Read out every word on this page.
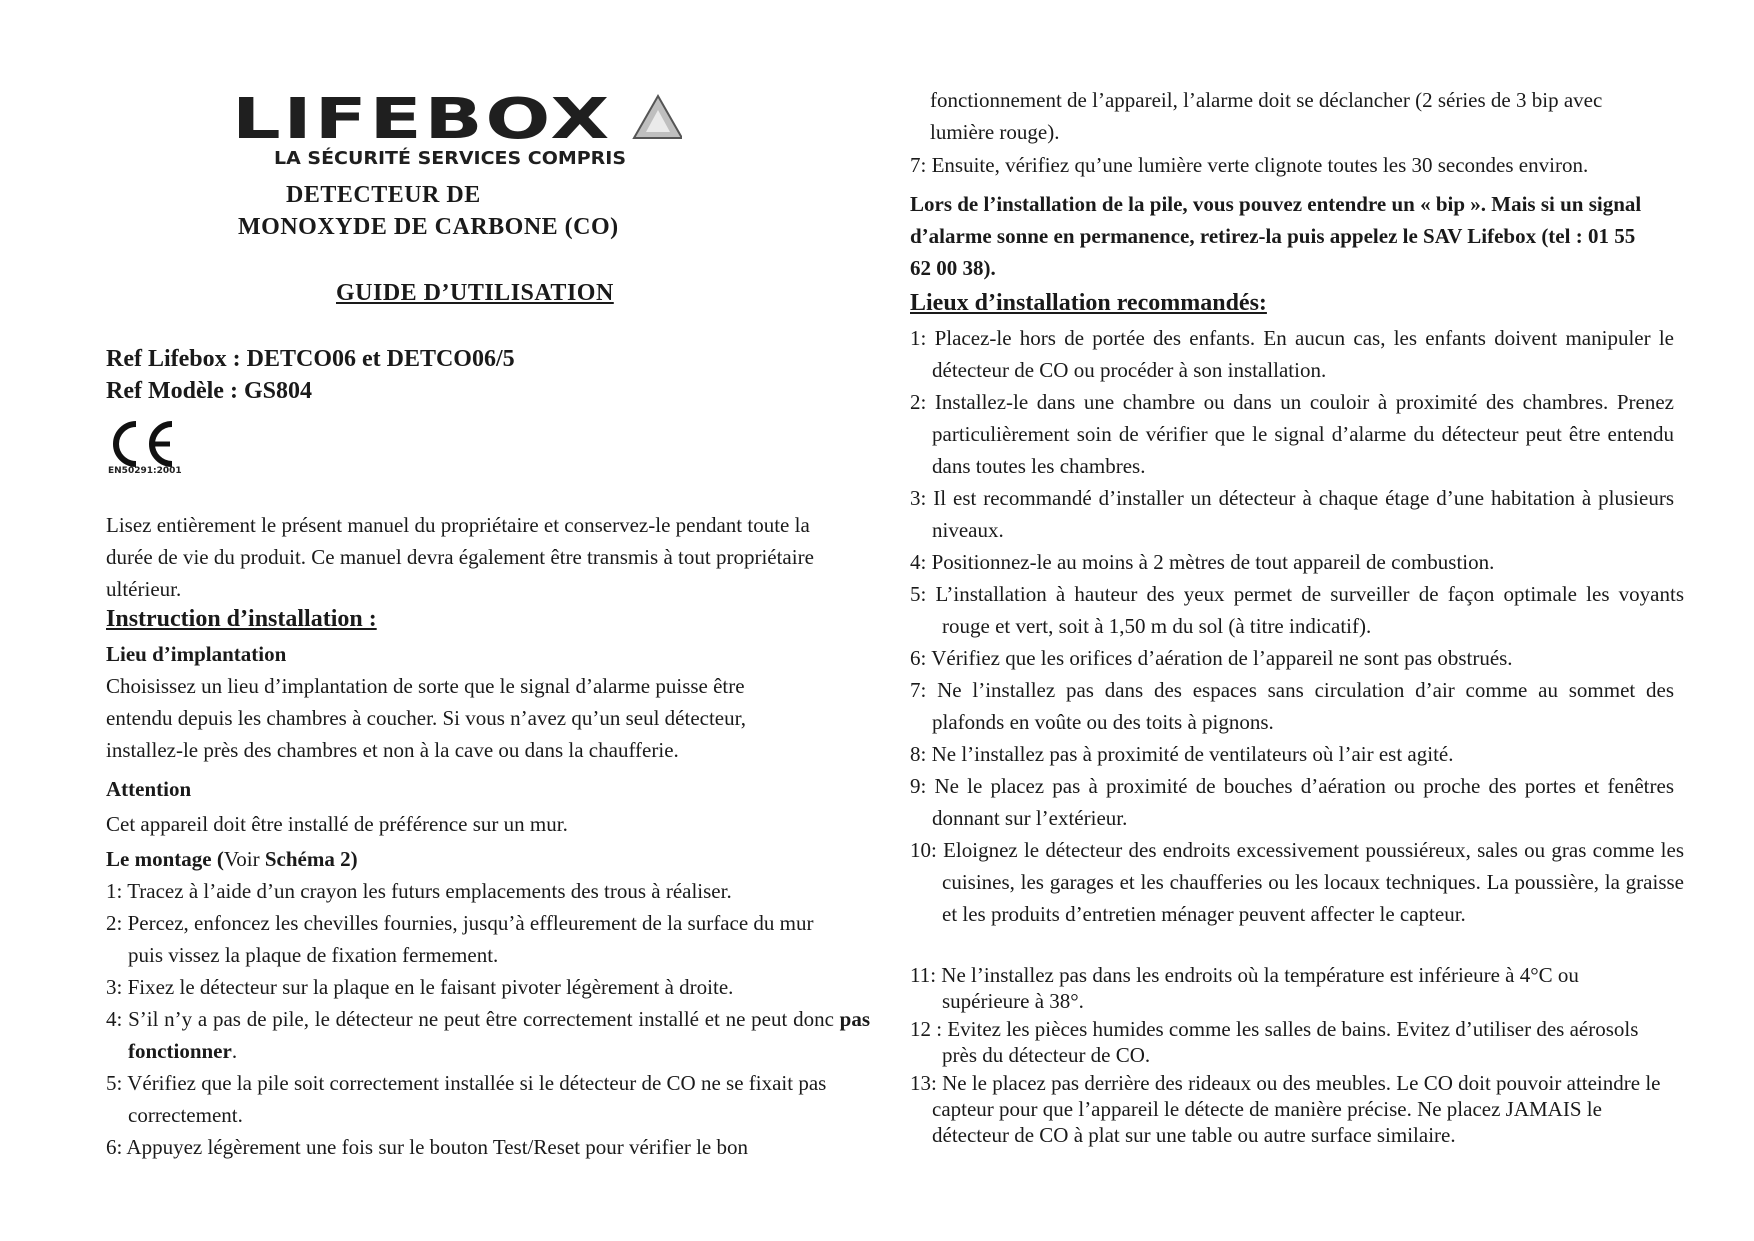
LIFEBOX
LA SÉCURITÉ SERVICES COMPRIS
DETECTEUR DE
MONOXYDE DE CARBONE (CO)
GUIDE D’UTILISATION
Ref Lifebox : DETCO06 et DETCO06/5
Ref Modèle : GS804
EN50291:2001

Lisez entièrement le présent manuel du propriétaire et conservez-le pendant toute la durée de vie du produit. Ce manuel devra également être transmis à tout propriétaire ultérieur.

Instruction d’installation :
Lieu d’implantation

Choisissez un lieu d’implantation de sorte que le signal d’alarme puisse être entendu depuis les chambres à coucher. Si vous n’avez qu’un seul détecteur, installez-le près des chambres et non à la cave ou dans la chaufferie.

Attention

Cet appareil doit être installé de préférence sur un mur.

Le montage (Voir Schéma 2)

1: Tracez à l’aide d’un crayon les futurs emplacements des trous à réaliser.

2: Percez, enfoncez les chevilles fournies, jusqu’à effleurement de la surface du mur puis vissez la plaque de fixation fermement.

3: Fixez le détecteur sur la plaque en le faisant pivoter légèrement à droite.

4: S’il n’y a pas de pile, le détecteur ne peut être correctement installé et ne peut donc pas fonctionner.

5: Vérifiez que la pile soit correctement installée si le détecteur de CO ne se fixait pas correctement.

6: Appuyez légèrement une fois sur le bouton Test/Reset pour vérifier le bon

fonctionnement de l’appareil, l’alarme doit se déclancher (2 séries de 3 bip avec lumière rouge).

7: Ensuite, vérifiez qu’une lumière verte clignote toutes les 30 secondes environ.

Lors de l’installation de la pile, vous pouvez entendre un « bip ». Mais si un signal d’alarme sonne en permanence, retirez-la puis appelez le SAV Lifebox (tel : 01 55 62 00 38).

Lieux d’installation recommandés:

1: Placez-le hors de portée des enfants. En aucun cas, les enfants doivent manipuler le détecteur de CO ou procéder à son installation.

2: Installez-le dans une chambre ou dans un couloir à proximité des chambres. Prenez particulièrement soin de vérifier que le signal d’alarme du détecteur peut être entendu dans toutes les chambres.

3: Il est recommandé d’installer un détecteur à chaque étage d’une habitation à plusieurs niveaux.

4: Positionnez-le au moins à 2 mètres de tout appareil de combustion.

5: L’installation à hauteur des yeux permet de surveiller de façon optimale les voyants rouge et vert, soit à 1,50 m du sol (à titre indicatif).

6: Vérifiez que les orifices d’aération de l’appareil ne sont pas obstrués.

7: Ne l’installez pas dans des espaces sans circulation d’air comme au sommet des plafonds en voûte ou des toits à pignons.

8: Ne l’installez pas à proximité de ventilateurs où l’air est agité.

9: Ne le placez pas à proximité de bouches d’aération ou proche des portes et fenêtres donnant sur l’extérieur.

10: Eloignez le détecteur des endroits excessivement poussiéreux, sales ou gras comme les cuisines, les garages et les chaufferies ou les locaux techniques. La poussière, la graisse et les produits d’entretien ménager peuvent affecter le capteur.

11: Ne l’installez pas dans les endroits où la température est inférieure à 4°C ou supérieure à 38°.

12 : Evitez les pièces humides comme les salles de bains. Evitez d’utiliser des aérosols près du détecteur de CO.

13: Ne le placez pas derrière des rideaux ou des meubles. Le CO doit pouvoir atteindre le capteur pour que l’appareil le détecte de manière précise. Ne placez JAMAIS le détecteur de CO à plat sur une table ou autre surface similaire.
